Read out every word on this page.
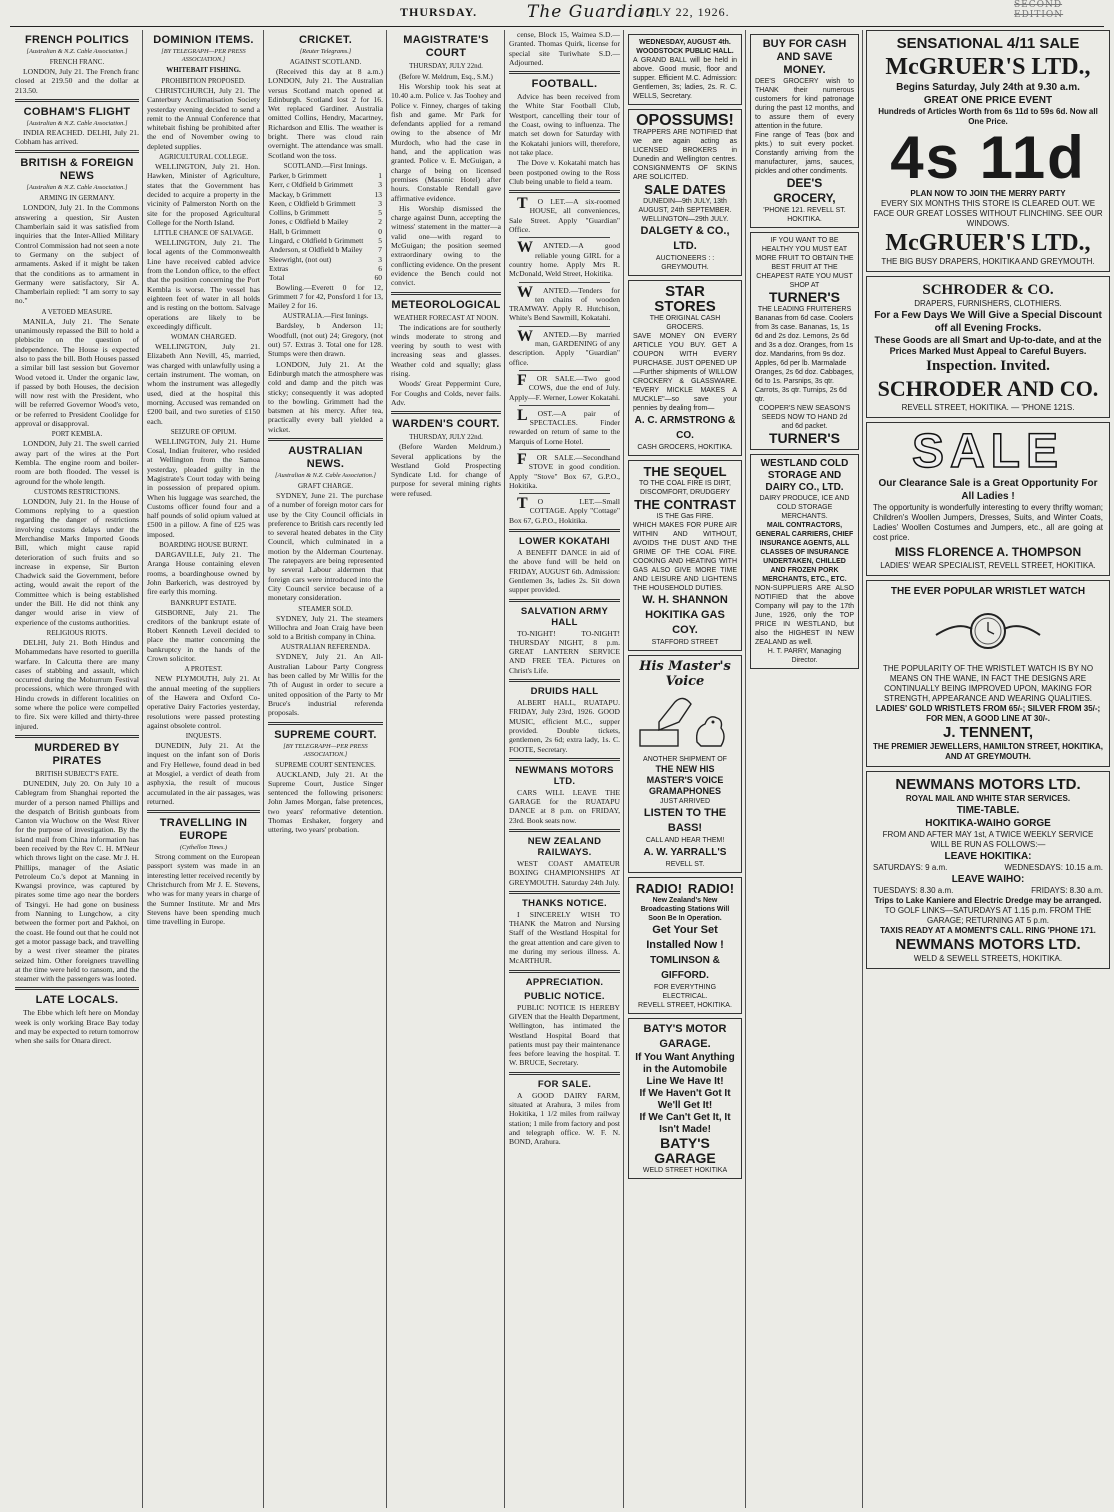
THURSDAY.	The Guardian
JULY 22, 1926.	SECOND EDITION
FRENCH POLITICS
[Australian & N.Z. Cable Association.]
FRENCH FRANC.

LONDON, July 21. The French franc closed at 219.50 and the dollar at 213.50.

COBHAM'S FLIGHT
[Australian & N.Z. Cable Association.]

INDIA REACHED. DELHI, July 21. Cobham has arrived.

BRITISH & FOREIGN NEWS
[Australian & N.Z. Cable Association.]
ARMING IN GERMANY.

LONDON, July 21. In the Commons answering a question, Sir Austen Chamberlain said it was satisfied from inquiries that the Inter-Allied Military Control Commission had not seen a note to Germany on the subject of armaments. Asked if it might be taken that the conditions as to armament in Germany were satisfactory, Sir A. Chamberlain replied: "I am sorry to say no."

A VETOED MEASURE.

MANILA, July 21. The Senate unanimously repassed the Bill to hold a plebiscite on the question of independence. The House is expected also to pass the bill. Both Houses passed a similar bill last session but Governor Wood vetoed it. Under the organic law, if passed by both Houses, the decision will now rest with the President, who will be referred Governor Wood's veto, or be referred to President Coolidge for approval or disapproval.

PORT KEMBLA.

LONDON, July 21. The swell carried away part of the wires at the Port Kembla. The engine room and boiler-room are both flooded. The vessel is aground for the whole length.

CUSTOMS RESTRICTIONS.

LONDON, July 21. In the House of Commons replying to a question regarding the danger of restrictions involving customs delays under the Merchandise Marks Imported Goods Bill, which might cause rapid deterioration of such fruits and so increase in expense, Sir Burton Chadwick said the Government, before acting, would await the report of the Committee which is being established under the Bill. He did not think any danger would arise in view of experience of the customs authorities.

RELIGIOUS RIOTS.

DELHI, July 21. Both Hindus and Mohammedans have resorted to guerilla warfare. In Calcutta there are many cases of stabbing and assault, which occurred during the Mohurrum Festival processions, which were thronged with Hindu crowds in different localities on some where the police were compelled to fire. Six were killed and thirty-three injured.

MURDERED BY PIRATES
BRITISH SUBJECT'S FATE.

DUNEDIN, July 20. On July 10 a Cablegram from Shanghai reported the murder of a person named Phillips and the despatch of British gunboats from Canton via Wuchow on the West River for the purpose of investigation. By the island mail from China information has been received by the Rev C. H. M'Neur which throws light on the case. Mr J. H. Phillips, manager of the Asiatic Petroleum Co.'s depot at Manning in Kwangsi province, was captured by pirates some time ago near the borders of Tsingyi. He had gone on business from Nanning to Lungchow, a city between the former port and Pakhoi, on the coast. He found out that he could not get a motor passage back, and travelling by a west river steamer the pirates seized him. Other foreigners travelling at the time were held to ransom, and the steamer with the passengers was looted.

LATE LOCALS.

The Ebbe which left here on Monday week is only working Brace Bay today and may be expected to return tomorrow when she sails for Onara direct.

DOMINION ITEMS.
[BY TELEGRAPH—PER PRESS ASSOCIATION.]
WHITEBAIT FISHING.
PROHIBITION PROPOSED.

CHRISTCHURCH, July 21. The Canterbury Acclimatisation Society yesterday evening decided to send a remit to the Annual Conference that whitebait fishing be prohibited after the end of November owing to depleted supplies.

AGRICULTURAL COLLEGE.

WELLINGTON, July 21. Hon. Hawken, Minister of Agriculture, states that the Government has decided to acquire a property in the vicinity of Palmerston North on the site for the proposed Agricultural College for the North Island.

LITTLE CHANCE OF SALVAGE.

WELLINGTON, July 21. The local agents of the Commonwealth Line have received cabled advice from the London office, to the effect that the position concerning the Port Kembla is worse. The vessel has eighteen feet of water in all holds and is resting on the bottom. Salvage operations are likely to be exceedingly difficult.

WOMAN CHARGED.

WELLINGTON, July 21. Elizabeth Ann Nevill, 45, married, was charged with unlawfully using a certain instrument. The woman, on whom the instrument was allegedly used, died at the hospital this morning. Accused was remanded on £200 bail, and two sureties of £150 each.

SEIZURE OF OPIUM.

WELLINGTON, July 21. Hume Cosal, Indian fruiterer, who resided at Wellington from the Samoa yesterday, pleaded guilty in the Magistrate's Court today with being in possession of prepared opium. When his luggage was searched, the Customs officer found four and a half pounds of solid opium valued at £500 in a pillow. A fine of £25 was imposed.

BOARDING HOUSE BURNT.

DARGAVILLE, July 21. The Aranga House containing eleven rooms, a boardinghouse owned by John Barkerich, was destroyed by fire early this morning.

BANKRUPT ESTATE.

GISBORNE, July 21. The creditors of the bankrupt estate of Robert Kenneth Leveil decided to place the matter concerning the bankruptcy in the hands of the Crown solicitor.

A PROTEST.

NEW PLYMOUTH, July 21. At the annual meeting of the suppliers of the Hawera and Oxford Co-operative Dairy Factories yesterday, resolutions were passed protesting against obsolete control.

INQUESTS.

DUNEDIN, July 21. At the inquest on the infant son of Doris and Fry Hellewe, found dead in bed at Mosgiel, a verdict of death from asphyxia, the result of mucous accumulated in the air passages, was returned.

TRAVELLING IN EUROPE
(Cythellon Times.)

Strong comment on the European passport system was made in an interesting letter received recently by Christchurch from Mr J. E. Stevens, who was for many years in charge of the Sumner Institute. Mr and Mrs Stevens have been spending much time travelling in Europe.

CRICKET.
[Reuter Telegrams.]
AGAINST SCOTLAND.

(Received this day at 8 a.m.) LONDON, July 21. The Australian versus Scotland match opened at Edinburgh. Scotland lost 2 for 16. Wet replaced Gardiner. Australia omitted Collins, Hendry, Macartney, Richardson and Ellis. The weather is bright. There was cloud rain overnight. The attendance was small. Scotland won the toss.

SCOTLAND.—First Innings.
Parker, b Grimmett	1
Kerr, c Oldfield b Grimmett	3
Mackay, b Grimmett	13
Keen, c Oldfield b Grimmett	3
Collins, b Grimmett	5
Jones, c Oldfield b Mailey	2
Hall, b Grimmett	0
Lingard, c Oldfield b Grimmett	5
Anderson, st Oldfield b Mailey	7
Sleewright, (not out)	3
Extras	6
Total	60

Bowling.—Everett 0 for 12, Grimmett 7 for 42, Ponsford 1 for 13, Mailey 2 for 16.

AUSTRALIA.—First Innings.

Bardsley, b Anderson 11; Woodfull, (not out) 24; Gregory, (not out) 57. Extras 3. Total one for 128. Stumps were then drawn.

LONDON, July 21. At the Edinburgh match the atmosphere was cold and damp and the pitch was sticky; consequently it was adopted to the bowling. Grimmett had the batsmen at his mercy. After tea, practically every ball yielded a wicket.

AUSTRALIAN NEWS.
[Australian & N.Z. Cable Association.]
GRAFT CHARGE.

SYDNEY, June 21. The purchase of a number of foreign motor cars for use by the City Council officials in preference to British cars recently led to several heated debates in the City Council, which culminated in a motion by the Alderman Courtenay. The ratepayers are being represented by several Labour aldermen that foreign cars were introduced into the City Council service because of a monetary consideration.

STEAMER SOLD.

SYDNEY, July 21. The steamers Willochra and Joan Craig have been sold to a British company in China.

AUSTRALIAN REFERENDA.

SYDNEY, July 21. An All-Australian Labour Party Congress has been called by Mr Willis for the 7th of August in order to secure a united opposition of the Party to Mr Bruce's industrial referenda proposals.

SUPREME COURT.
[BY TELEGRAPH—PER PRESS ASSOCIATION.]
SUPREME COURT SENTENCES.

AUCKLAND, July 21. At the Supreme Court, Justice Singer sentenced the following prisoners: John James Morgan, false pretences, two years' reformative detention. Thomas Ershaker, forgery and uttering, two years' probation.

MAGISTRATE'S COURT
THURSDAY, JULY 22nd.
(Before W. Meldrum, Esq., S.M.)

His Worship took his seat at 10.40 a.m. Police v. Jas Toohey and Police v. Finney, charges of taking fish and game. Mr Park for defendants applied for a remand owing to the absence of Mr Murdoch, who had the case in hand, and the application was granted. Police v. E. McGuigan, a charge of being on licensed premises (Masonic Hotel) after hours. Constable Rendall gave affirmative evidence.

His Worship dismissed the charge against Dunn, accepting the witness' statement in the matter—a valid one—with regard to McGuigan; the position seemed extraordinary owing to the conflicting evidence. On the present evidence the Bench could not convict.

METEOROLOGICAL
WEATHER FORECAST AT NOON.

The indications are for southerly winds moderate to strong and veering by south to west with increasing seas and glasses. Weather cold and squally; glass rising.

Woods' Great Peppermint Cure, For Coughs and Colds, never fails. Adv.

WARDEN'S COURT.
THURSDAY, JULY 22nd.

(Before Warden Meldrum.) Several applications by the Westland Gold Prospecting Syndicate Ltd. for change of purpose for several mining rights were refused.

cense, Block 15, Waimea S.D.—Granted. Thomas Quirk, license for special site Turiwhate S.D.—Adjourned.

FOOTBALL.

Advice has been received from the White Star Football Club, Westport, cancelling their tour of the Coast, owing to influenza. The match set down for Saturday with the Kokatahi juniors will, therefore, not take place.

The Dove v. Kokatahi match has been postponed owing to the Ross Club being unable to field a team.

TO LET.—A six-roomed HOUSE, all conveniences, Sale Street. Apply "Guardian" Office.

WANTED.—A good reliable young GIRL for a country home. Apply Mrs R. McDonald, Weld Street, Hokitika.

WANTED.—Tenders for ten chains of wooden TRAMWAY. Apply R. Hutchison, White's Bend Sawmill, Kokatahi.

WANTED.—By married man, GARDENING of any description. Apply "Guardian" office.

FOR SALE.—Two good COWS, due the end of July. Apply—F. Werner, Lower Kokatahi.

LOST.—A pair of SPECTACLES. Finder rewarded on return of same to the Marquis of Lorne Hotel.

FOR SALE.—Secondhand STOVE in good condition. Apply "Stove" Box 67, G.P.O., Hokitika.

TO LET.—Small COTTAGE. Apply "Cottage" Box 67, G.P.O., Hokitika.

LOWER KOKATAHI

A BENEFIT DANCE in aid of the above fund will be held on FRIDAY, AUGUST 6th. Admission: Gentlemen 3s, ladies 2s. Sit down supper provided.

SALVATION ARMY HALL

TO-NIGHT! TO-NIGHT! THURSDAY NIGHT, 8 p.m. GREAT LANTERN SERVICE AND FREE TEA. Pictures on Christ's Life.

DRUIDS HALL

ALBERT HALL, RUATAPU. FRIDAY, July 23rd, 1926. GOOD MUSIC, efficient M.C., supper provided. Double tickets, gentlemen, 2s 6d; extra lady, 1s. C. FOOTE, Secretary.

NEWMANS MOTORS LTD.

CARS WILL LEAVE THE GARAGE for the RUATAPU DANCE at 8 p.m. on FRIDAY, 23rd. Book seats now.

NEW ZEALAND RAILWAYS.

WEST COAST AMATEUR BOXING CHAMPIONSHIPS AT GREYMOUTH. Saturday 24th July.

THANKS NOTICE.

I SINCERELY WISH TO THANK the Matron and Nursing Staff of the Westland Hospital for the great attention and care given to me during my serious illness. A. McARTHUR.

APPRECIATION.
PUBLIC NOTICE.

PUBLIC NOTICE IS HEREBY GIVEN that the Health Department, Wellington, has intimated the Westland Hospital Board that patients must pay their maintenance fees before leaving the hospital. T. W. BRUCE, Secretary.

FOR SALE.

A GOOD DAIRY FARM, situated at Arahura, 3 miles from Hokitika, 1 1/2 miles from railway station; 1 mile from factory and post and telegraph office. W. F. N. BOND, Arahura.

WEDNESDAY, AUGUST 4th.
WOODSTOCK PUBLIC HALL.
A GRAND BALL will be held in above. Good music, floor and supper. Efficient M.C. Admission: Gentlemen, 3s; ladies, 2s. R. C. WELLS, Secretary.
OPOSSUMS!
TRAPPERS ARE NOTIFIED that we are again acting as LICENSED BROKERS in Dunedin and Wellington centres. CONSIGNMENTS OF SKINS ARE SOLICITED.
SALE DATES
DUNEDIN—9th JULY, 13th AUGUST, 24th SEPTEMBER. WELLINGTON—29th JULY.
DALGETY & CO., LTD.
AUCTIONEERS : : GREYMOUTH.
STAR STORES
THE ORIGINAL CASH GROCERS.
SAVE MONEY ON EVERY ARTICLE YOU BUY. GET A COUPON WITH EVERY PURCHASE. JUST OPENED UP—Further shipments of WILLOW CROCKERY & GLASSWARE. "EVERY MICKLE MAKES A MUCKLE"—so save your pennies by dealing from—
A. C. ARMSTRONG & CO.
CASH GROCERS, HOKITIKA.
THE SEQUEL
TO THE COAL FIRE IS DIRT, DISCOMFORT, DRUDGERY
THE CONTRAST
IS THE Gas FIRE.
WHICH MAKES FOR PURE AIR WITHIN AND WITHOUT, AVOIDS THE DUST AND THE GRIME OF THE COAL FIRE. COOKING AND HEATING WITH GAS ALSO GIVE MORE TIME AND LEISURE AND LIGHTENS THE HOUSEHOLD DUTIES.
W. H. SHANNON
HOKITIKA GAS COY.
STAFFORD STREET
His Master's Voice
ANOTHER SHIPMENT OF
THE NEW HIS MASTER'S VOICE GRAMAPHONES
JUST ARRIVED
LISTEN TO THE BASS!
CALL AND HEAR THEM!
A. W. YARRALL'S
REVELL ST.
RADIO! RADIO!
New Zealand's New Broadcasting Stations Will Soon Be In Operation.
Get Your Set Installed Now !
TOMLINSON & GIFFORD.
FOR EVERYTHING ELECTRICAL.
REVELL STREET, HOKITIKA.
BATY'S MOTOR GARAGE.
If You Want Anything in the Automobile Line We Have It!
If We Haven't Got It We'll Get It!
If We Can't Get It, It Isn't Made!
BATY'S GARAGE
WELD STREET HOKITIKA
BUY FOR CASH AND SAVE MONEY.
DEE'S GROCERY wish to THANK their numerous customers for kind patronage during the past 12 months, and to assure them of every attention in the future.
Fine range of Teas (box and pkts.) to suit every pocket. Constantly arriving from the manufacturer, jams, sauces, pickles and other condiments.
DEE'S GROCERY,
'PHONE 121. REVELL ST. HOKITIKA.
IF YOU WANT TO BE HEALTHY YOU MUST EAT MORE FRUIT TO OBTAIN THE BEST FRUIT AT THE CHEAPEST RATE YOU MUST SHOP AT
TURNER'S
THE LEADING FRUITERERS
Bananas from 6d case. Coolers from 3s case. Bananas, 1s, 1s 6d and 2s doz. Lemons, 2s 6d and 3s a doz. Oranges, from 1s doz. Mandarins, from 9s doz. Apples, 6d per lb. Marmalade Oranges, 2s 6d doz. Cabbages, 6d to 1s. Parsnips, 3s qtr. Carrots, 3s qtr. Turnips, 2s 6d qtr.
COOPER'S NEW SEASON'S SEEDS NOW TO HAND 2d and 6d packet.
TURNER'S
WESTLAND COLD STORAGE AND DAIRY CO., LTD.
DAIRY PRODUCE, ICE AND COLD STORAGE MERCHANTS.
MAIL CONTRACTORS, GENERAL CARRIERS, CHIEF INSURANCE AGENTS, ALL CLASSES OF INSURANCE UNDERTAKEN, CHILLED AND FROZEN PORK MERCHANTS, ETC., ETC.
NON-SUPPLIERS ARE ALSO NOTIFIED that the above Company will pay to the 17th June, 1926, only the TOP PRICE IN WESTLAND, but also the HIGHEST IN NEW ZEALAND as well.
H. T. PARRY, Managing Director.
SENSATIONAL 4/11 SALE
McGRUER'S LTD.,
Begins Saturday, July 24th at 9.30 a.m.
GREAT ONE PRICE EVENT
Hundreds of Articles Worth from 6s 11d to 59s 6d. Now all One Price.
4s 11d
PLAN NOW TO JOIN THE MERRY PARTY
EVERY SIX MONTHS THIS STORE IS CLEARED OUT. WE FACE OUR GREAT LOSSES WITHOUT FLINCHING. SEE OUR WINDOWS.
McGRUER'S LTD.,
THE BIG BUSY DRAPERS, HOKITIKA AND GREYMOUTH.
SCHRODER & CO.
DRAPERS, FURNISHERS, CLOTHIERS.
For a Few Days We Will Give a Special Discount off all Evening Frocks.
These Goods are all Smart and Up-to-date, and at the Prices Marked Must Appeal to Careful Buyers.
Inspection. Invited.
SCHRODER AND CO.
REVELL STREET, HOKITIKA. — 'PHONE 121S.
SALE
Our Clearance Sale is a Great Opportunity For All Ladies !
The opportunity is wonderfully interesting to every thrifty woman; Children's Woollen Jumpers, Dresses, Suits, and Winter Coats, Ladies' Woollen Costumes and Jumpers, etc., all are going at cost price.
MISS FLORENCE A. THOMPSON
LADIES' WEAR SPECIALIST, REVELL STREET, HOKITIKA.
THE EVER POPULAR WRISTLET WATCH
THE POPULARITY OF THE WRISTLET WATCH IS BY NO MEANS ON THE WANE, IN FACT THE DESIGNS ARE CONTINUALLY BEING IMPROVED UPON, MAKING FOR STRENGTH, APPEARANCE AND WEARING QUALITIES.
LADIES' GOLD WRISTLETS FROM 65/-; SILVER FROM 35/-; FOR MEN, A GOOD LINE AT 30/-.
J. TENNENT,
THE PREMIER JEWELLERS, HAMILTON STREET, HOKITIKA, AND AT GREYMOUTH.
NEWMANS MOTORS LTD.
ROYAL MAIL AND WHITE STAR SERVICES.
TIME-TABLE.
HOKITIKA-WAIHO GORGE
FROM AND AFTER MAY 1st, A TWICE WEEKLY SERVICE WILL BE RUN AS FOLLOWS:—
LEAVE HOKITIKA:
SATURDAYS: 9 a.m.	WEDNESDAYS: 10.15 a.m.
LEAVE WAIHO:
TUESDAYS: 8.30 a.m.	FRIDAYS: 8.30 a.m.
Trips to Lake Kaniere and Electric Dredge may be arranged.
TO GOLF LINKS—SATURDAYS AT 1.15 p.m. FROM THE GARAGE; RETURNING AT 5 p.m.
TAXIS READY AT A MOMENT'S CALL. RING 'PHONE 171.
NEWMANS MOTORS LTD.
WELD & SEWELL STREETS, HOKITIKA.
